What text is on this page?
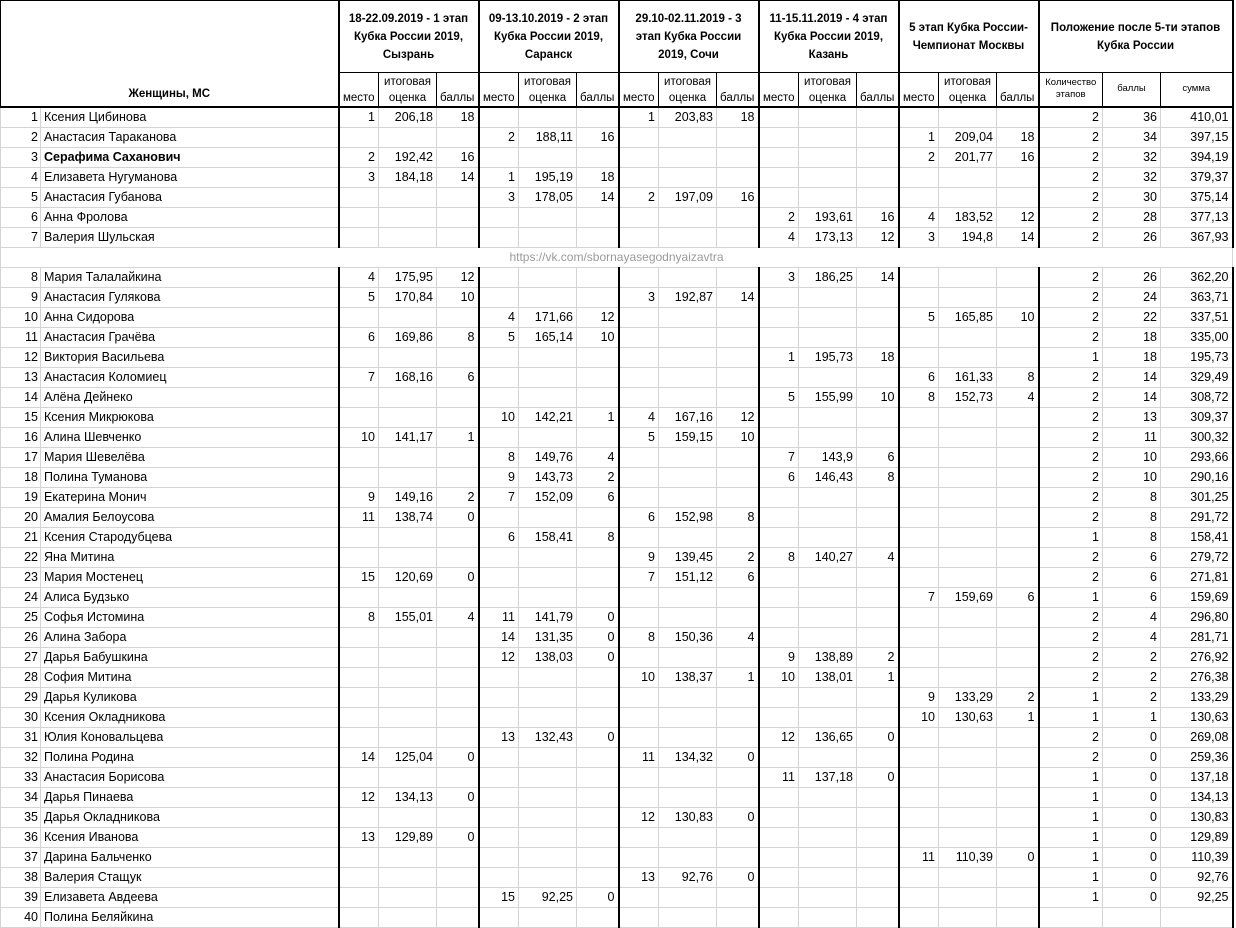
Женщины, МС		18-22.09.2019 - 1 этап Кубка России 2019, Сызрань			09-13.10.2019 - 2 этап Кубка России 2019, Саранск			29.10-02.11.2019 - 3 этап Кубка России 2019, Сочи			11-15.11.2019 - 4 этап Кубка России 2019, Казань			5 этап Кубка России-Чемпионат Москвы			Положение после 5-ти этапов Кубка России		
		место	итоговая оценка	баллы	место	итоговая оценка	баллы	место	итоговая оценка	баллы	место	итоговая оценка	баллы	место	итоговая оценка	баллы	Количество этапов	баллы	сумма
1	Ксения Цибинова	1	206,18	18				1	203,83	18							2	36	410,01
2	Анастасия Тараканова				2	188,11	16							1	209,04	18	2	34	397,15
3	Серафима Саханович	2	192,42	16										2	201,77	16	2	32	394,19
4	Елизавета Нугуманова	3	184,18	14	1	195,19	18										2	32	379,37
5	Анастасия Губанова				3	178,05	14	2	197,09	16							2	30	375,14
6	Анна Фролова										2	193,61	16	4	183,52	12	2	28	377,13
7	Валерия Шульская										4	173,13	12	3	194,8	14	2	26	367,93
https://vk.com/sbornayasegodnyaizavtra																			
8	Мария Талалайкина	4	175,95	12							3	186,25	14				2	26	362,20
9	Анастасия Гулякова	5	170,84	10				3	192,87	14							2	24	363,71
10	Анна Сидорова				4	171,66	12							5	165,85	10	2	22	337,51
11	Анастасия Грачёва	6	169,86	8	5	165,14	10										2	18	335,00
12	Виктория Васильева										1	195,73	18				1	18	195,73
13	Анастасия Коломиец	7	168,16	6										6	161,33	8	2	14	329,49
14	Алёна Дейнеко										5	155,99	10	8	152,73	4	2	14	308,72
15	Ксения Микрюкова				10	142,21	1	4	167,16	12							2	13	309,37
16	Алина Шевченко	10	141,17	1				5	159,15	10							2	11	300,32
17	Мария Шевелёва				8	149,76	4				7	143,9	6				2	10	293,66
18	Полина Туманова				9	143,73	2				6	146,43	8				2	10	290,16
19	Екатерина Монич	9	149,16	2	7	152,09	6										2	8	301,25
20	Амалия Белоусова	11	138,74	0				6	152,98	8							2	8	291,72
21	Ксения Стародубцева				6	158,41	8										1	8	158,41
22	Яна Митина							9	139,45	2	8	140,27	4				2	6	279,72
23	Мария Мостенец	15	120,69	0				7	151,12	6							2	6	271,81
24	Алиса Будзько													7	159,69	6	1	6	159,69
25	Софья Истомина	8	155,01	4	11	141,79	0										2	4	296,80
26	Алина Забора				14	131,35	0	8	150,36	4							2	4	281,71
27	Дарья Бабушкина				12	138,03	0				9	138,89	2				2	2	276,92
28	София Митина							10	138,37	1	10	138,01	1				2	2	276,38
29	Дарья Куликова													9	133,29	2	1	2	133,29
30	Ксения Окладникова													10	130,63	1	1	1	130,63
31	Юлия Коновальцева				13	132,43	0				12	136,65	0				2	0	269,08
32	Полина Родина	14	125,04	0				11	134,32	0							2	0	259,36
33	Анастасия Борисова										11	137,18	0				1	0	137,18
34	Дарья Пинаева	12	134,13	0													1	0	134,13
35	Дарья Окладникова							12	130,83	0							1	0	130,83
36	Ксения Иванова	13	129,89	0													1	0	129,89
37	Дарина Бальченко													11	110,39	0	1	0	110,39
38	Валерия Стащук							13	92,76	0							1	0	92,76
39	Елизавета Авдеева				15	92,25	0										1	0	92,25
40	Полина Беляйкина																		
